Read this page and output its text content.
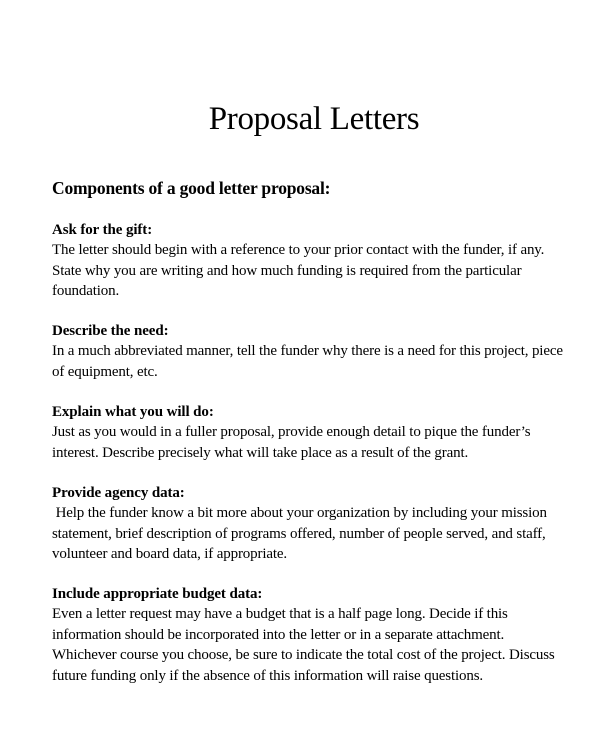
Proposal Letters
Components of a good letter proposal:
Ask for the gift:
The letter should begin with a reference to your prior contact with the funder, if any.
State why you are writing and how much funding is required from the particular
foundation.
Describe the need:
In a much abbreviated manner, tell the funder why there is a need for this project, piece
of equipment, etc.
Explain what you will do:
Just as you would in a fuller proposal, provide enough detail to pique the funder’s
interest. Describe precisely what will take place as a result of the grant.
Provide agency data:
Help the funder know a bit more about your organization by including your mission
statement, brief description of programs offered, number of people served, and staff,
volunteer and board data, if appropriate.
Include appropriate budget data:
Even a letter request may have a budget that is a half page long. Decide if this
information should be incorporated into the letter or in a separate attachment.
Whichever course you choose, be sure to indicate the total cost of the project. Discuss
future funding only if the absence of this information will raise questions.
